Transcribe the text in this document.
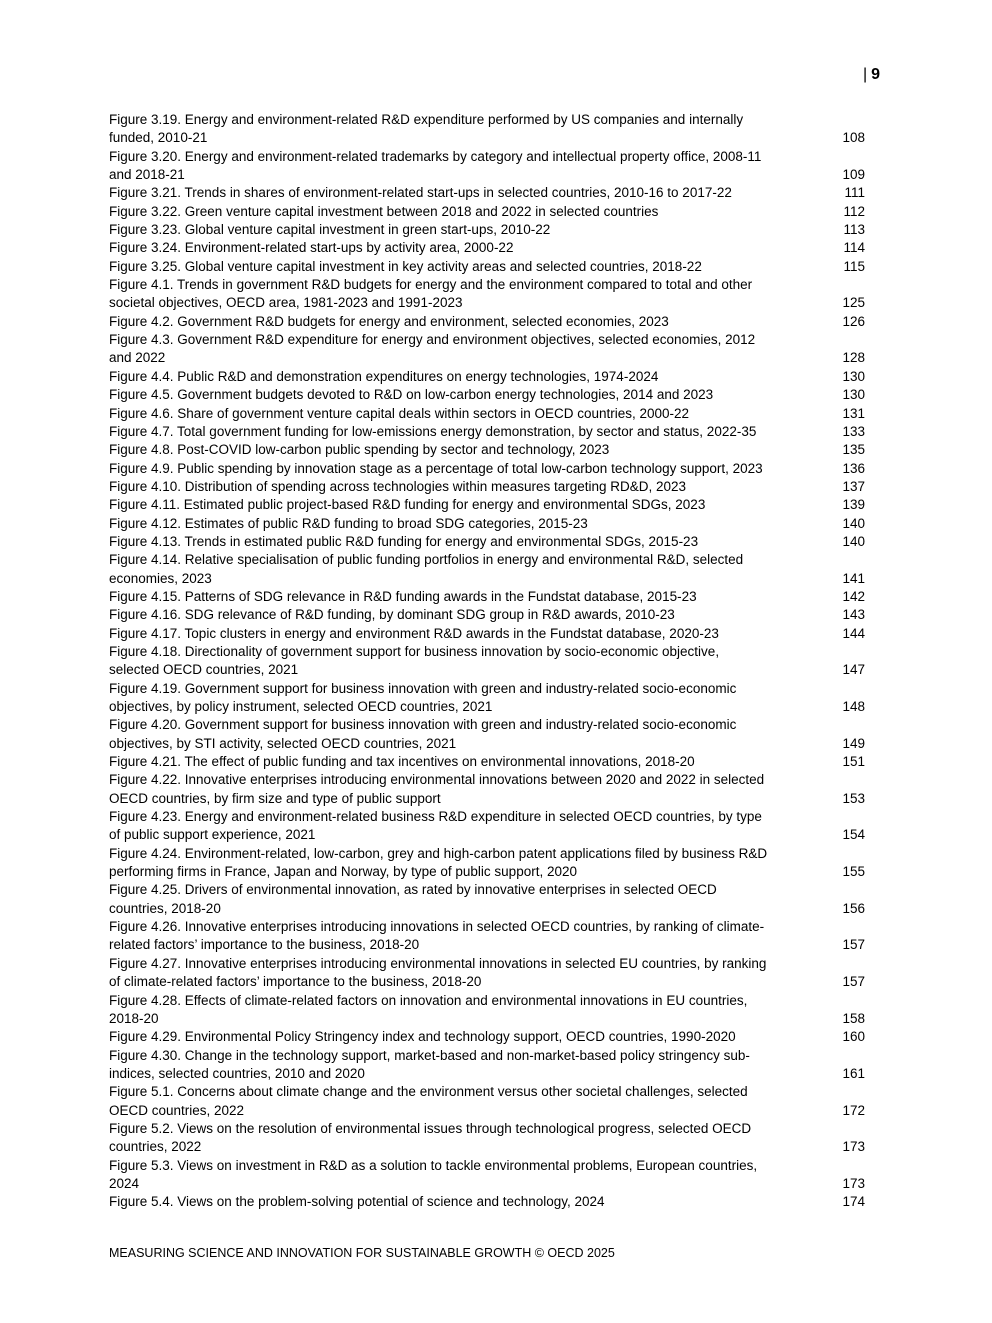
| 9
Figure 3.19. Energy and environment-related R&D expenditure performed by US companies and internally
funded, 2010-21	108
Figure 3.20. Energy and environment-related trademarks by category and intellectual property office, 2008-11
and 2018-21	109
Figure 3.21. Trends in shares of environment-related start-ups in selected countries, 2010-16 to 2017-22	111
Figure 3.22. Green venture capital investment between 2018 and 2022 in selected countries	112
Figure 3.23. Global venture capital investment in green start-ups, 2010-22	113
Figure 3.24. Environment-related start-ups by activity area, 2000-22	114
Figure 3.25. Global venture capital investment in key activity areas and selected countries, 2018-22	115
Figure 4.1. Trends in government R&D budgets for energy and the environment compared to total and other
societal objectives, OECD area, 1981-2023 and 1991-2023	125
Figure 4.2. Government R&D budgets for energy and environment, selected economies, 2023	126
Figure 4.3. Government R&D expenditure for energy and environment objectives, selected economies, 2012
and 2022	128
Figure 4.4. Public R&D and demonstration expenditures on energy technologies, 1974-2024	130
Figure 4.5. Government budgets devoted to R&D on low-carbon energy technologies, 2014 and 2023	130
Figure 4.6. Share of government venture capital deals within sectors in OECD countries, 2000-22	131
Figure 4.7. Total government funding for low-emissions energy demonstration, by sector and status, 2022-35	133
Figure 4.8. Post-COVID low-carbon public spending by sector and technology, 2023	135
Figure 4.9. Public spending by innovation stage as a percentage of total low-carbon technology support, 2023	136
Figure 4.10. Distribution of spending across technologies within measures targeting RD&D, 2023	137
Figure 4.11. Estimated public project-based R&D funding for energy and environmental SDGs, 2023	139
Figure 4.12. Estimates of public R&D funding to broad SDG categories, 2015-23	140
Figure 4.13. Trends in estimated public R&D funding for energy and environmental SDGs, 2015-23	140
Figure 4.14. Relative specialisation of public funding portfolios in energy and environmental R&D, selected
economies, 2023	141
Figure 4.15. Patterns of SDG relevance in R&D funding awards in the Fundstat database, 2015-23	142
Figure 4.16. SDG relevance of R&D funding, by dominant SDG group in R&D awards, 2010-23	143
Figure 4.17. Topic clusters in energy and environment R&D awards in the Fundstat database, 2020-23	144
Figure 4.18. Directionality of government support for business innovation by socio-economic objective,
selected OECD countries, 2021	147
Figure 4.19. Government support for business innovation with green and industry-related socio-economic
objectives, by policy instrument, selected OECD countries, 2021	148
Figure 4.20. Government support for business innovation with green and industry-related socio-economic
objectives, by STI activity, selected OECD countries, 2021	149
Figure 4.21. The effect of public funding and tax incentives on environmental innovations, 2018-20	151
Figure 4.22. Innovative enterprises introducing environmental innovations between 2020 and 2022 in selected
OECD countries, by firm size and type of public support	153
Figure 4.23. Energy and environment-related business R&D expenditure in selected OECD countries, by type
of public support experience, 2021	154
Figure 4.24. Environment-related, low-carbon, grey and high-carbon patent applications filed by business R&D
performing firms in France, Japan and Norway, by type of public support, 2020	155
Figure 4.25. Drivers of environmental innovation, as rated by innovative enterprises in selected OECD
countries, 2018-20	156
Figure 4.26. Innovative enterprises introducing innovations in selected OECD countries, by ranking of climate-
related factors’ importance to the business, 2018-20	157
Figure 4.27. Innovative enterprises introducing environmental innovations in selected EU countries, by ranking
of climate-related factors’ importance to the business, 2018-20	157
Figure 4.28. Effects of climate-related factors on innovation and environmental innovations in EU countries,
2018-20	158
Figure 4.29. Environmental Policy Stringency index and technology support, OECD countries, 1990-2020	160
Figure 4.30. Change in the technology support, market-based and non-market-based policy stringency sub-
indices, selected countries, 2010 and 2020	161
Figure 5.1. Concerns about climate change and the environment versus other societal challenges, selected
OECD countries, 2022	172
Figure 5.2. Views on the resolution of environmental issues through technological progress, selected OECD
countries, 2022	173
Figure 5.3. Views on investment in R&D as a solution to tackle environmental problems, European countries,
2024	173
Figure 5.4. Views on the problem-solving potential of science and technology, 2024	174
MEASURING SCIENCE AND INNOVATION FOR SUSTAINABLE GROWTH © OECD 2025
